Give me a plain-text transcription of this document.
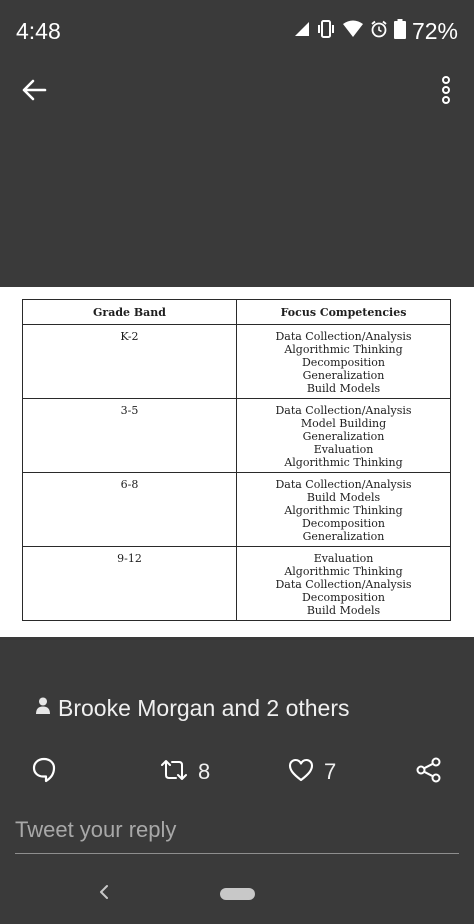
4:48	72%
Grade Band	Focus Competencies
K-2	Data Collection/Analysis
Algorithmic Thinking
Decomposition
Generalization
Build Models

3-5	Data Collection/Analysis
Model Building
Generalization
Evaluation
Algorithmic Thinking

6-8	Data Collection/Analysis
Build Models
Algorithmic Thinking
Decomposition
Generalization

9-12	Evaluation
Algorithmic Thinking
Data Collection/Analysis
Decomposition
Build Models
Brooke Morgan and 2 others
8	7
Tweet your reply
